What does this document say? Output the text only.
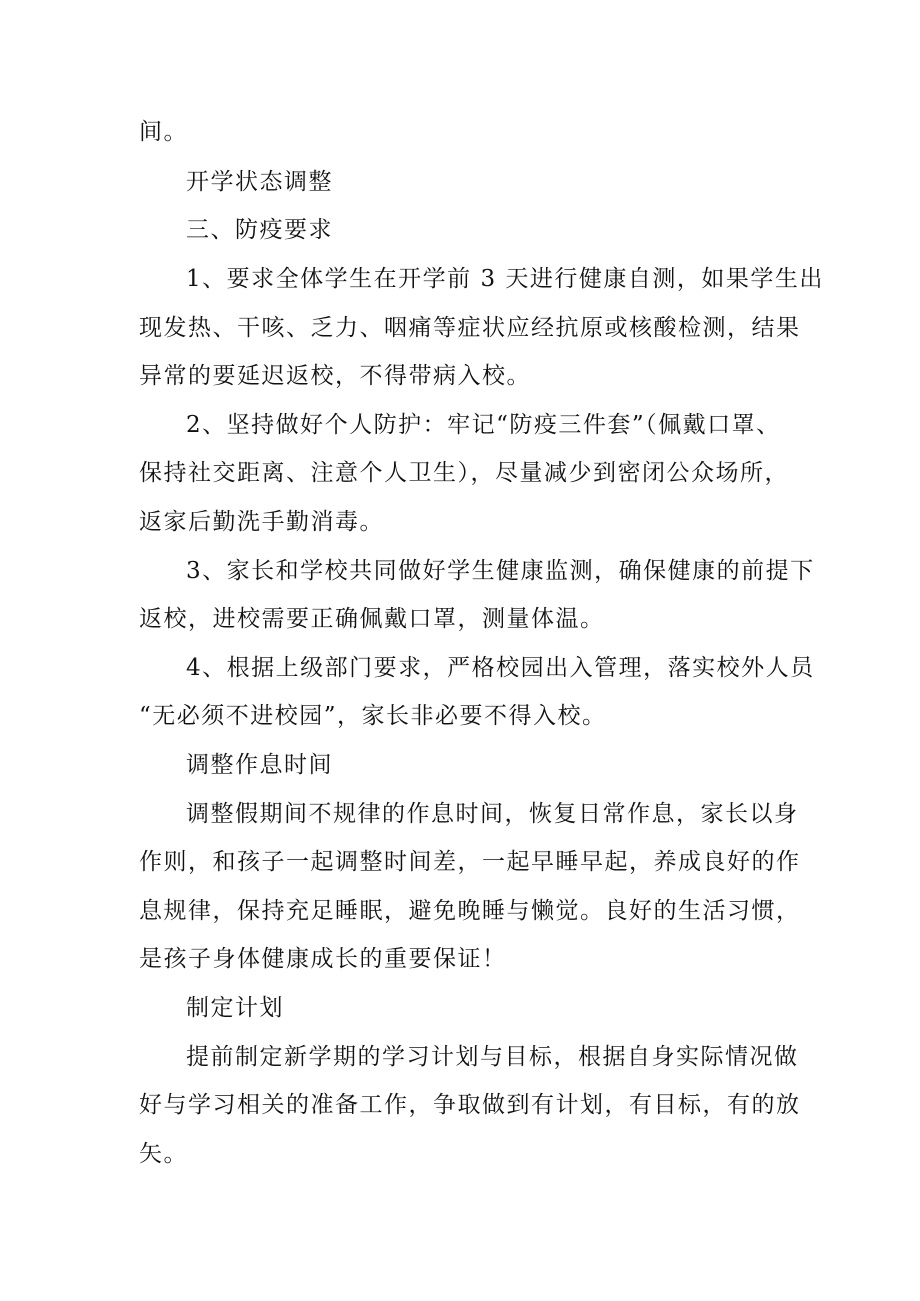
间。
开学状态调整
三、防疫要求
1、要求全体学生在开学前 3 天进行健康自测，如果学生出
现发热、干咳、乏力、咽痛等症状应经抗原或核酸检测，结果
异常的要延迟返校，不得带病入校。
2、坚持做好个人防护：牢记“防疫三件套”（佩戴口罩、
保持社交距离、注意个人卫生），尽量减少到密闭公众场所，
返家后勤洗手勤消毒。
3、家长和学校共同做好学生健康监测，确保健康的前提下
返校，进校需要正确佩戴口罩，测量体温。
4、根据上级部门要求，严格校园出入管理，落实校外人员
“无必须不进校园”，家长非必要不得入校。
调整作息时间
调整假期间不规律的作息时间，恢复日常作息，家长以身
作则，和孩子一起调整时间差，一起早睡早起，养成良好的作
息规律，保持充足睡眠，避免晚睡与懒觉。良好的生活习惯，
是孩子身体健康成长的重要保证！
制定计划
提前制定新学期的学习计划与目标，根据自身实际情况做
好与学习相关的准备工作，争取做到有计划，有目标，有的放
矢。
